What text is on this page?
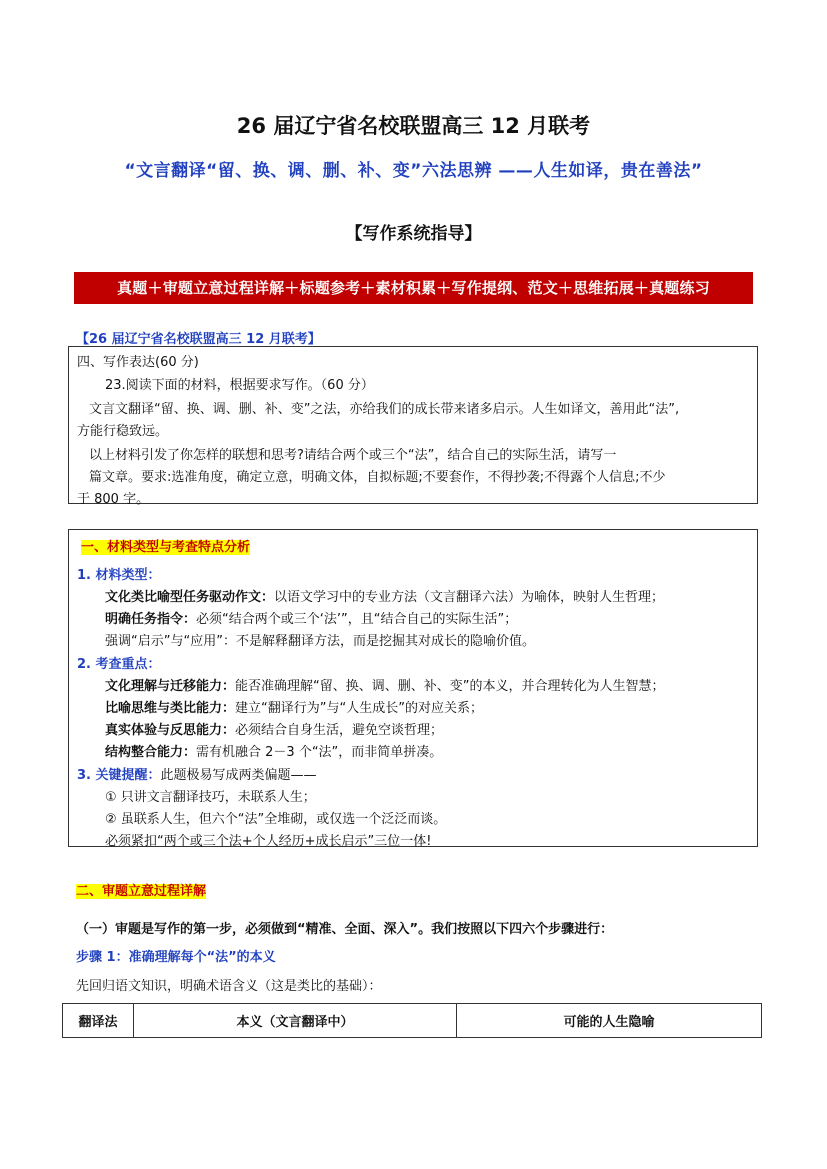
26 届辽宁省名校联盟高三 12 月联考
“文言翻译“留、换、调、删、补、变”六法思辨 ——人生如译，贵在善法”
【写作系统指导】
真题＋审题立意过程详解＋标题参考＋素材积累＋写作提纲、范文＋思维拓展＋真题练习
【26 届辽宁省名校联盟高三 12 月联考】
四、写作表达(60 分)
23.阅读下面的材料，根据要求写作。（60 分）
文言文翻译“留、换、调、删、补、变”之法，亦给我们的成长带来诸多启示。人生如译文，善用此“法”,
方能行稳致远。
以上材料引发了你怎样的联想和思考?请结合两个或三个“法”，结合自己的实际生活，请写一
篇文章。要求:选准角度，确定立意，明确文体，自拟标题;不要套作，不得抄袭;不得露个人信息;不少
于 800 字。
一、材料类型与考查特点分析
1. 材料类型：
文化类比喻型任务驱动作文：以语文学习中的专业方法（文言翻译六法）为喻体，映射人生哲理；
明确任务指令：必须“结合两个或三个‘法’”，且“结合自己的实际生活”；
强调“启示”与“应用”：不是解释翻译方法，而是挖掘其对成长的隐喻价值。
2. 考查重点：
文化理解与迁移能力：能否准确理解“留、换、调、删、补、变”的本义，并合理转化为人生智慧；
比喻思维与类比能力：建立“翻译行为”与“人生成长”的对应关系；
真实体验与反思能力：必须结合自身生活，避免空谈哲理；
结构整合能力：需有机融合 2－3 个“法”，而非简单拼凑。
3. 关键提醒：此题极易写成两类偏题——
① 只讲文言翻译技巧，未联系人生；
② 虽联系人生，但六个“法”全堆砌，或仅选一个泛泛而谈。
必须紧扣“两个或三个法+个人经历+成长启示”三位一体!
二、审题立意过程详解
（一）审题是写作的第一步，必须做到“精准、全面、深入”。我们按照以下四六个步骤进行：
步骤 1：准确理解每个“法”的本义
先回归语文知识，明确术语含义（这是类比的基础）：
翻译法	本义（文言翻译中）	可能的人生隐喻
